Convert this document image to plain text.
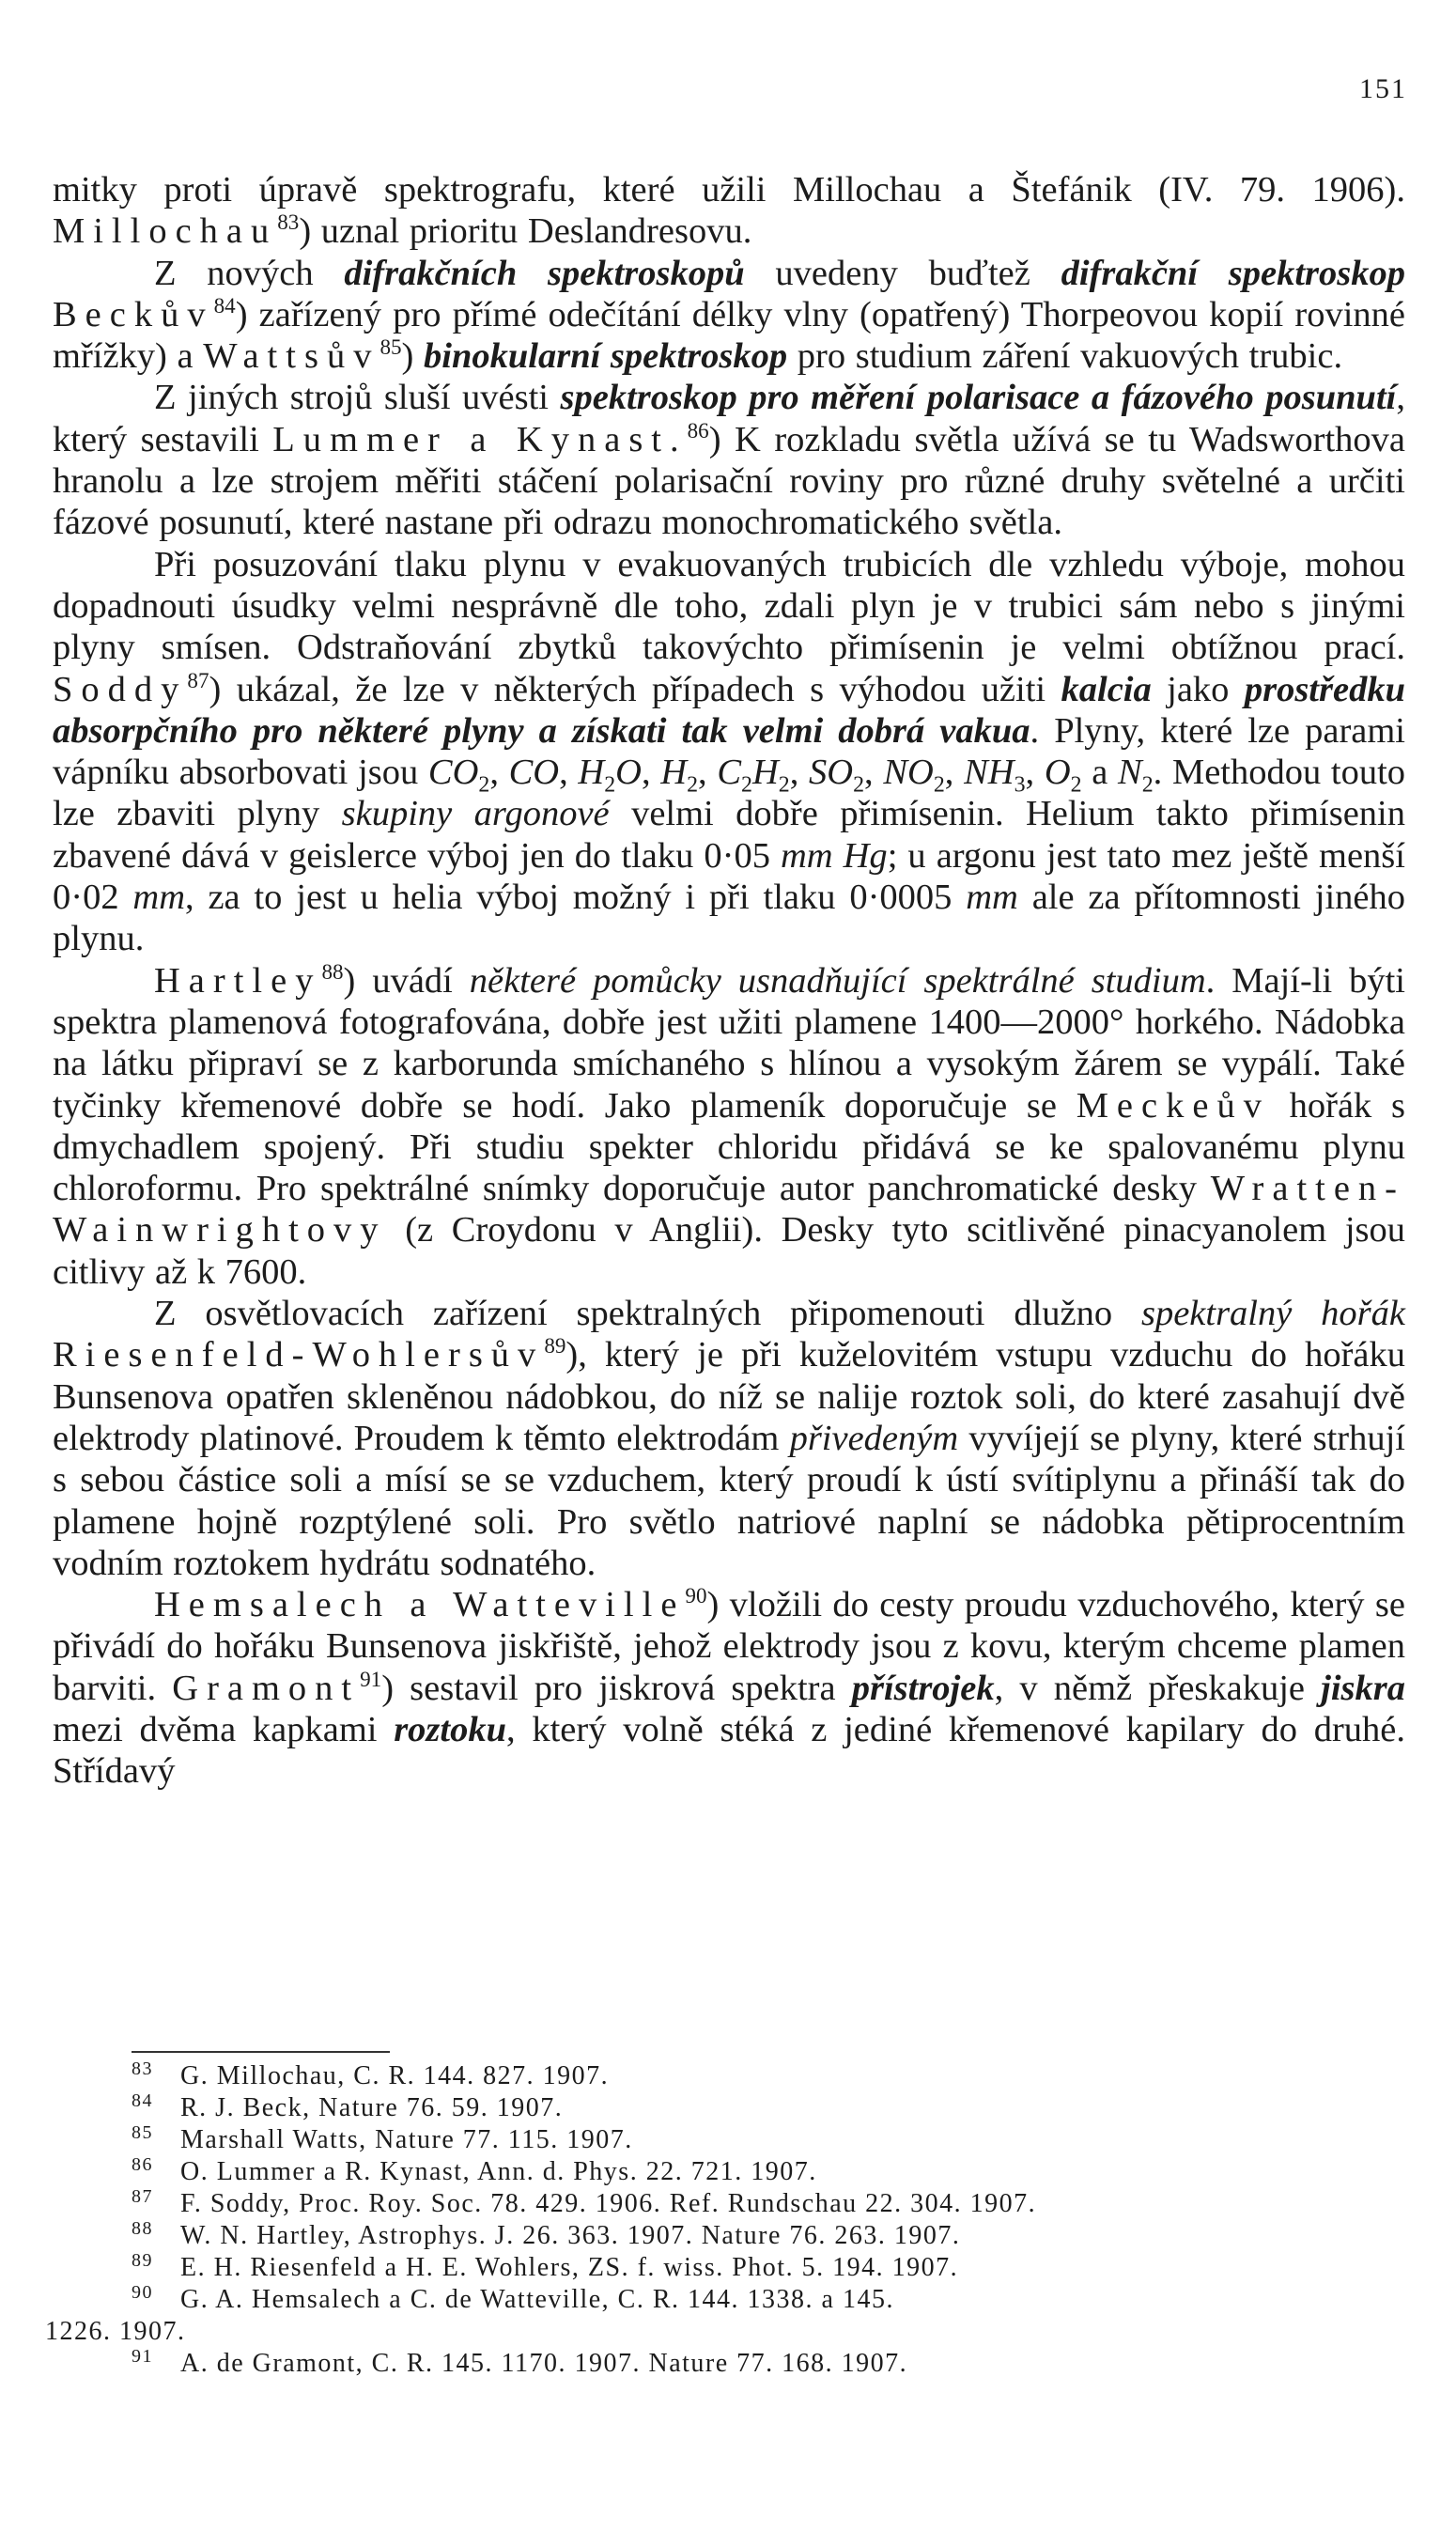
151

mitky proti úpravě spektrografu, které užili Millochau a Štefánik (IV. 79. 1906). Millochau$^{83}$) uznal prioritu Deslandresovu.

Z nových difrakčních spektroskopů uvedeny buďtež difrakční spektroskop Beckův$^{84}$) zařízený pro přímé odečítání délky vlny (opatřený) Thorpeovou kopií rovinné mřížky) a Wattsův$^{85}$) binokularní spektroskop pro studium záření vakuových trubic.

Z jiných strojů sluší uvésti spektroskop pro měření polarisace a fázového posunutí, který sestavili Lummer a Kynast.$^{86}$) K rozkladu světla užívá se tu Wadsworthova hranolu a lze strojem měřiti stáčení polarisační roviny pro různé druhy světelné a určiti fázové posunutí, které nastane při odrazu monochromatického světla.

Při posuzování tlaku plynu v evakuovaných trubicích dle vzhledu výboje, mohou dopadnouti úsudky velmi nesprávně dle toho, zdali plyn je v trubici sám nebo s jinými plyny smísen. Odstraňování zbytků takovýchto přimísenin je velmi obtížnou prací. Soddy$^{87}$) ukázal, že lze v některých případech s výhodou užiti kalcia jako prostředku absorpčního pro některé plyny a získati tak velmi dobrá vakua. Plyny, které lze parami vápníku absorbovati jsou $CO_2$, CO, $H_2O$, $H_2$, $C_2H_2$, $SO_2$, $NO_2$, $NH_3$, $O_2$ a $N_2$. Methodou touto lze zbaviti plyny skupiny argonové velmi dobře přimísenin. Helium takto přimísenin zbavené dává v geislerce výboj jen do tlaku 0·05 mm Hg; u argonu jest tato mez ještě menší 0·02 mm, za to jest u helia výboj možný i při tlaku 0·0005 mm ale za přítomnosti jiného plynu.

Hartley$^{88}$) uvádí některé pomůcky usnadňující spektrálné studium. Mají-li býti spektra plamenová fotografována, dobře jest užiti plamene 1400—2000° horkého. Nádobka na látku připraví se z karborunda smíchaného s hlínou a vysokým žárem se vypálí. Také tyčinky křemenové dobře se hodí. Jako plameník doporučuje se Meckeův hořák s dmychadlem spojený. Při studiu spekter chloridu přidává se ke spalovanému plynu chloroformu. Pro spektrálné snímky doporučuje autor panchromatické desky Wratten-Wainwrightovy (z Croydonu v Anglii). Desky tyto scitlivěné pinacyanolem jsou citlivy až k 7600.

Z osvětlovacích zařízení spektralných připomenouti dlužno spektralný hořák Riesenfeld-Wohlersův$^{89}$), který je při kuželovitém vstupu vzduchu do hořáku Bunsenova opatřen skleněnou nádobkou, do níž se nalije roztok soli, do které zasahují dvě elektrody platinové. Proudem k těmto elektrodám přivedeným vyvíjejí se plyny, které strhují s sebou částice soli a mísí se se vzduchem, který proudí k ústí svítiplynu a přináší tak do plamene hojně rozptýlené soli. Pro světlo natriové naplní se nádobka pětiprocentním vodním roztokem hydrátu sodnatého.

Hemsalech a Watteville$^{90}$) vložili do cesty proudu vzduchového, který se přivádí do hořáku Bunsenova jiskřiště, jehož elektrody jsou z kovu, kterým chceme plamen barviti. Gramont$^{91}$) sestavil pro jiskrová spektra přístrojek, v němž přeskakuje jiskra mezi dvěma kapkami roztoku, který volně stéká z jediné křemenové kapilary do druhé. Střídavý

83 G. Millochau, C. R. 144. 827. 1907.

84 R. J. Beck, Nature 76. 59. 1907.

85 Marshall Watts, Nature 77. 115. 1907.

86 O. Lummer a R. Kynast, Ann. d. Phys. 22. 721. 1907.

87 F. Soddy, Proc. Roy. Soc. 78. 429. 1906. Ref. Rundschau 22. 304. 1907.

88 W. N. Hartley, Astrophys. J. 26. 363. 1907. Nature 76. 263. 1907.

89 E. H. Riesenfeld a H. E. Wohlers, ZS. f. wiss. Phot. 5. 194. 1907.

90 G. A. Hemsalech a C. de Watteville, C. R. 144. 1338. a 145.

1226. 1907.

91 A. de Gramont, C. R. 145. 1170. 1907. Nature 77. 168. 1907.
